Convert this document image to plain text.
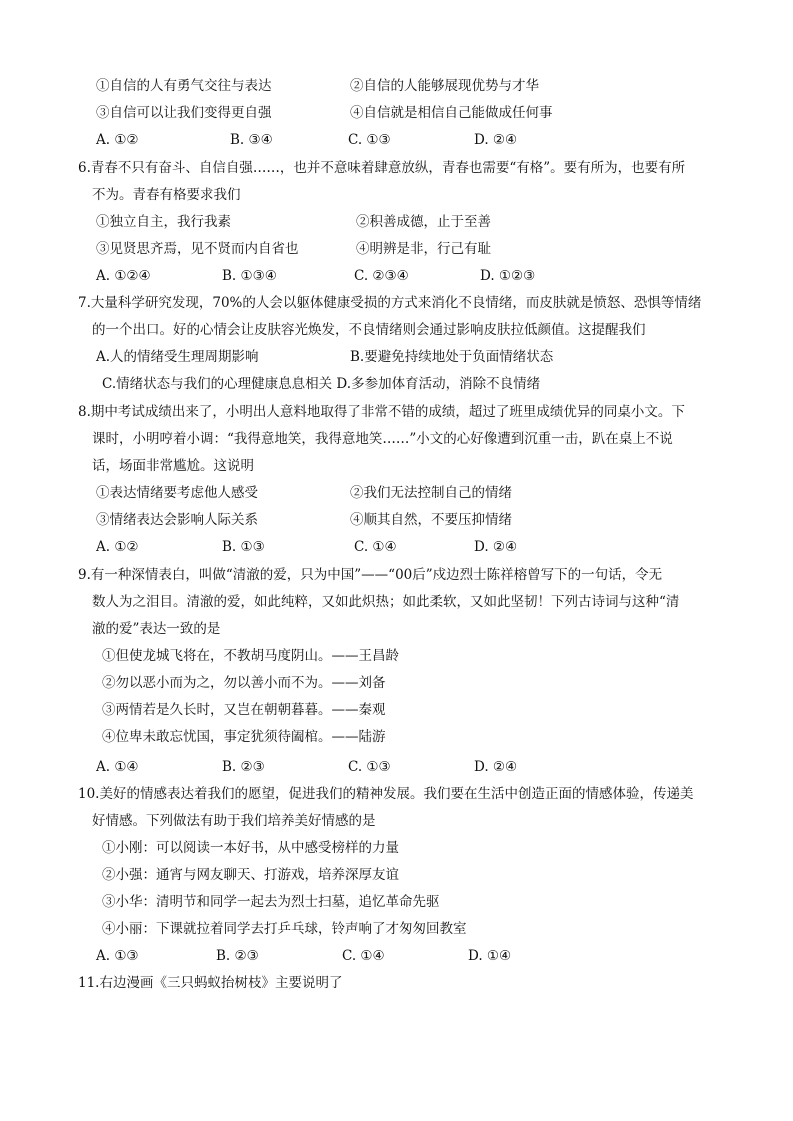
①自信的人有勇气交往与表达	②自信的人能够展现优势与才华
③自信可以让我们变得更自强	④自信就是相信自己能做成任何事
A. ①②	B. ③④	C. ①③	D. ②④
6.青春不只有奋斗、自信自强……，也并不意味着肆意放纵，青春也需要“有格”。要有所为，也要有所
不为。青春有格要求我们
①独立自主，我行我素	②积善成德，止于至善
③见贤思齐焉，见不贤而内自省也	④明辨是非，行己有耻
A. ①②④	B. ①③④	C. ②③④	D. ①②③
7.大量科学研究发现，70%的人会以躯体健康受损的方式来消化不良情绪，而皮肤就是愤怒、恐惧等情绪
的一个出口。好的心情会让皮肤容光焕发，不良情绪则会通过影响皮肤拉低颜值。这提醒我们
A.人的情绪受生理周期影响	B.要避免持续地处于负面情绪状态
C.情绪状态与我们的心理健康息息相关 D.多参加体育活动，消除不良情绪
8.期中考试成绩出来了，小明出人意料地取得了非常不错的成绩，超过了班里成绩优异的同桌小文。下
课时，小明哼着小调：“我得意地笑，我得意地笑……”小文的心好像遭到沉重一击，趴在桌上不说
话，场面非常尴尬。这说明
①表达情绪要考虑他人感受	②我们无法控制自己的情绪
③情绪表达会影响人际关系	④顺其自然，不要压抑情绪
A. ①②	B. ①③	C. ①④	D. ②④
9.有一种深情表白，叫做“清澈的爱，只为中国”——“00后”戍边烈士陈祥榕曾写下的一句话，令无
数人为之泪目。清澈的爱，如此纯粹，又如此炽热；如此柔软，又如此坚韧！下列古诗词与这种“清
澈的爱”表达一致的是
①但使龙城飞将在，不教胡马度阴山。——王昌龄
②勿以恶小而为之，勿以善小而不为。——刘备
③两情若是久长时，又岂在朝朝暮暮。——秦观
④位卑未敢忘忧国，事定犹须待阖棺。——陆游
A. ①④	B. ②③	C. ①③	D. ②④
10.美好的情感表达着我们的愿望，促进我们的精神发展。我们要在生活中创造正面的情感体验，传递美
好情感。下列做法有助于我们培养美好情感的是
①小刚：可以阅读一本好书，从中感受榜样的力量
②小强：通宵与网友聊天、打游戏，培养深厚友谊
③小华：清明节和同学一起去为烈士扫墓，追忆革命先驱
④小丽：下课就拉着同学去打乒乓球，铃声响了才匆匆回教室
A. ①③	B. ②③	C. ①④	D. ①④
11.右边漫画《三只蚂蚁抬树枝》主要说明了
